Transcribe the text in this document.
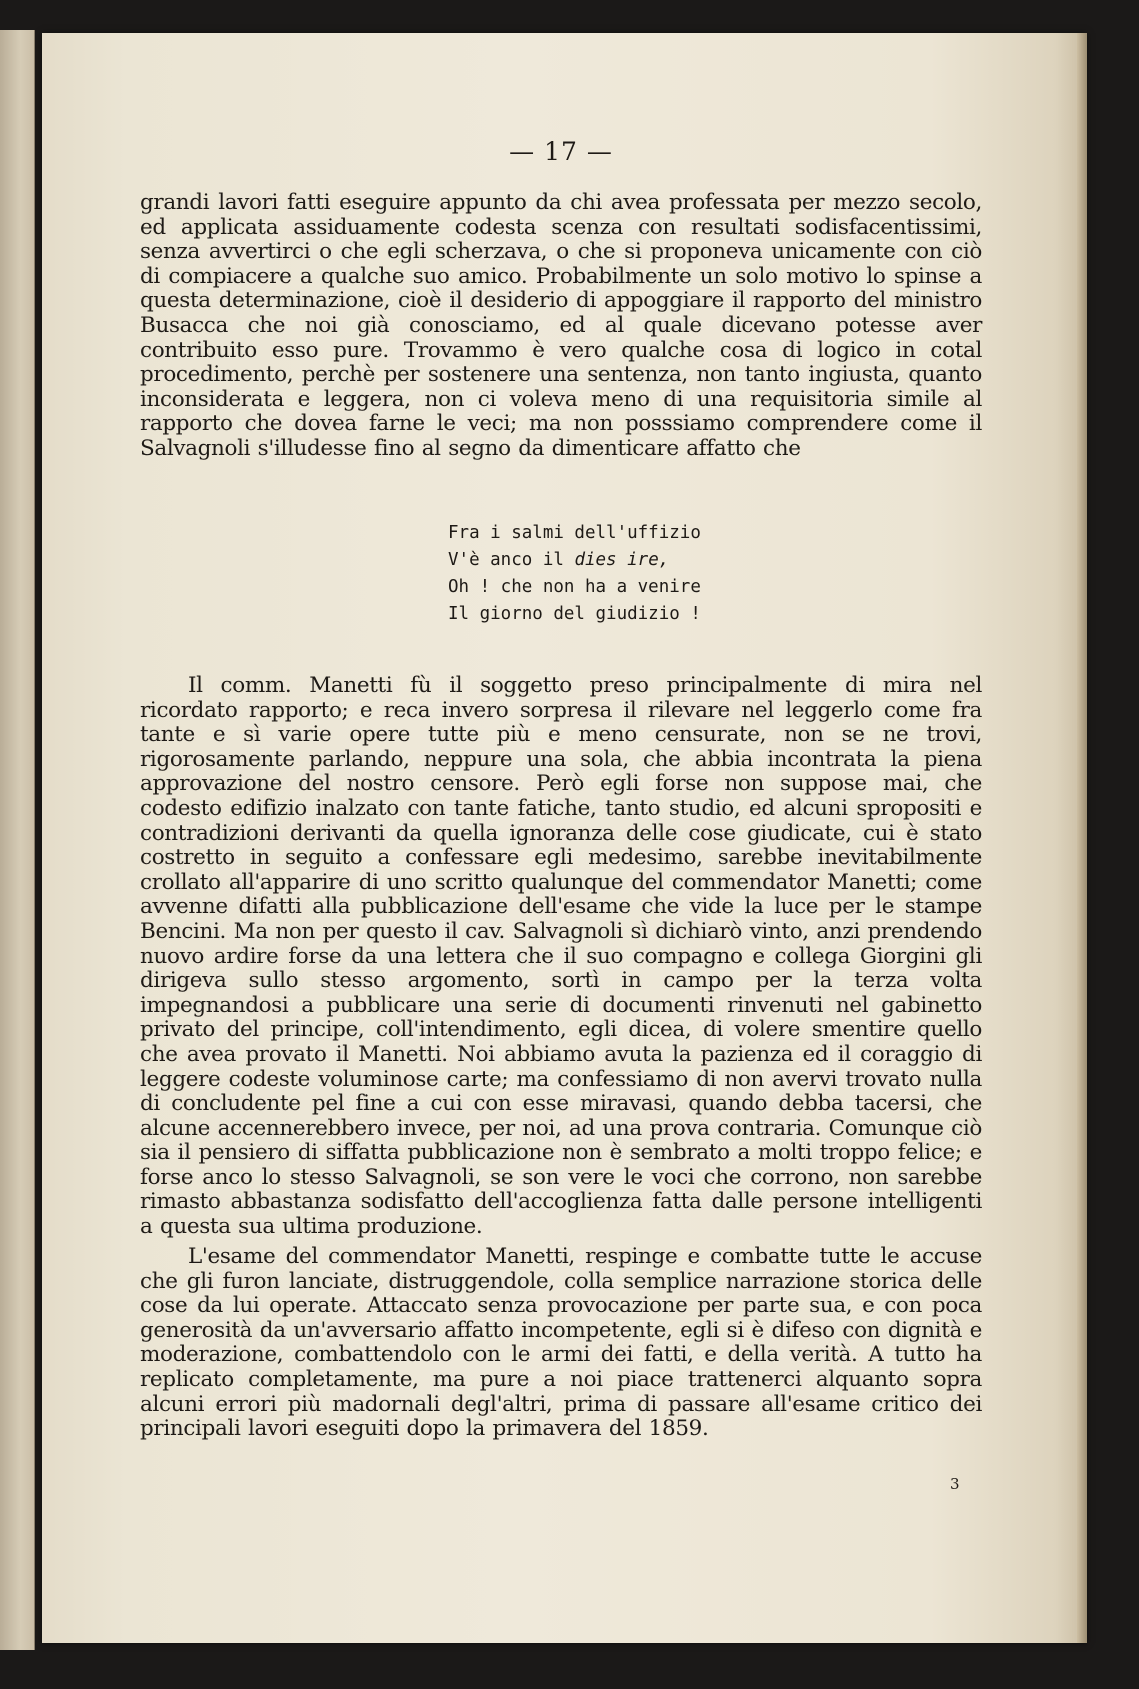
— 17 —

grandi lavori fatti eseguire appunto da chi avea professata per mezzo secolo, ed applicata assiduamente codesta scenza con resultati sodisfacentissimi, senza avvertirci o che egli scherzava, o che si proponeva unicamente con ciò di compiacere a qualche suo amico. Probabilmente un solo motivo lo spinse a questa determinazione, cioè il desiderio di appoggiare il rapporto del ministro Busacca che noi già conosciamo, ed al quale dicevano potesse aver contribuito esso pure. Trovammo è vero qualche cosa di logico in cotal procedimento, perchè per sostenere una sentenza, non tanto ingiusta, quanto inconsiderata e leggera, non ci voleva meno di una requisitoria simile al rapporto che dovea farne le veci; ma non posssiamo comprendere come il Salvagnoli s'illudesse fino al segno da dimenticare affatto che

Fra i salmi dell'uffizio
V'è anco il dies ire,
Oh ! che non ha a venire
Il giorno del giudizio !

Il comm. Manetti fù il soggetto preso principalmente di mira nel ricordato rapporto; e reca invero sorpresa il rilevare nel leggerlo come fra tante e sì varie opere tutte più e meno censurate, non se ne trovi, rigorosamente parlando, neppure una sola, che abbia incontrata la piena approvazione del nostro censore. Però egli forse non suppose mai, che codesto edifizio inalzato con tante fatiche, tanto studio, ed alcuni spropositi e contradizioni derivanti da quella ignoranza delle cose giudicate, cui è stato costretto in seguito a confessare egli medesimo, sarebbe inevitabilmente crollato all'apparire di uno scritto qualunque del commendator Manetti; come avvenne difatti alla pubblicazione dell'esame che vide la luce per le stampe Bencini. Ma non per questo il cav. Salvagnoli sì dichiarò vinto, anzi prendendo nuovo ardire forse da una lettera che il suo compagno e collega Giorgini gli dirigeva sullo stesso argomento, sortì in campo per la terza volta impegnandosi a pubblicare una serie di documenti rinvenuti nel gabinetto privato del principe, coll'intendimento, egli dicea, di volere smentire quello che avea provato il Manetti. Noi abbiamo avuta la pazienza ed il coraggio di leggere codeste voluminose carte; ma confessiamo di non avervi trovato nulla di concludente pel fine a cui con esse miravasi, quando debba tacersi, che alcune accennerebbero invece, per noi, ad una prova contraria. Comunque ciò sia il pensiero di siffatta pubblicazione non è sembrato a molti troppo felice; e forse anco lo stesso Salvagnoli, se son vere le voci che corrono, non sarebbe rimasto abbastanza sodisfatto dell'accoglienza fatta dalle persone intelligenti a questa sua ultima produzione.

L'esame del commendator Manetti, respinge e combatte tutte le accuse che gli furon lanciate, distruggendole, colla semplice narrazione storica delle cose da lui operate. Attaccato senza provocazione per parte sua, e con poca generosità da un'avversario affatto incompetente, egli si è difeso con dignità e moderazione, combattendolo con le armi dei fatti, e della verità. A tutto ha replicato completamente, ma pure a noi piace trattenerci alquanto sopra alcuni errori più madornali degl'altri, prima di passare all'esame critico dei principali lavori eseguiti dopo la primavera del 1859.

3
